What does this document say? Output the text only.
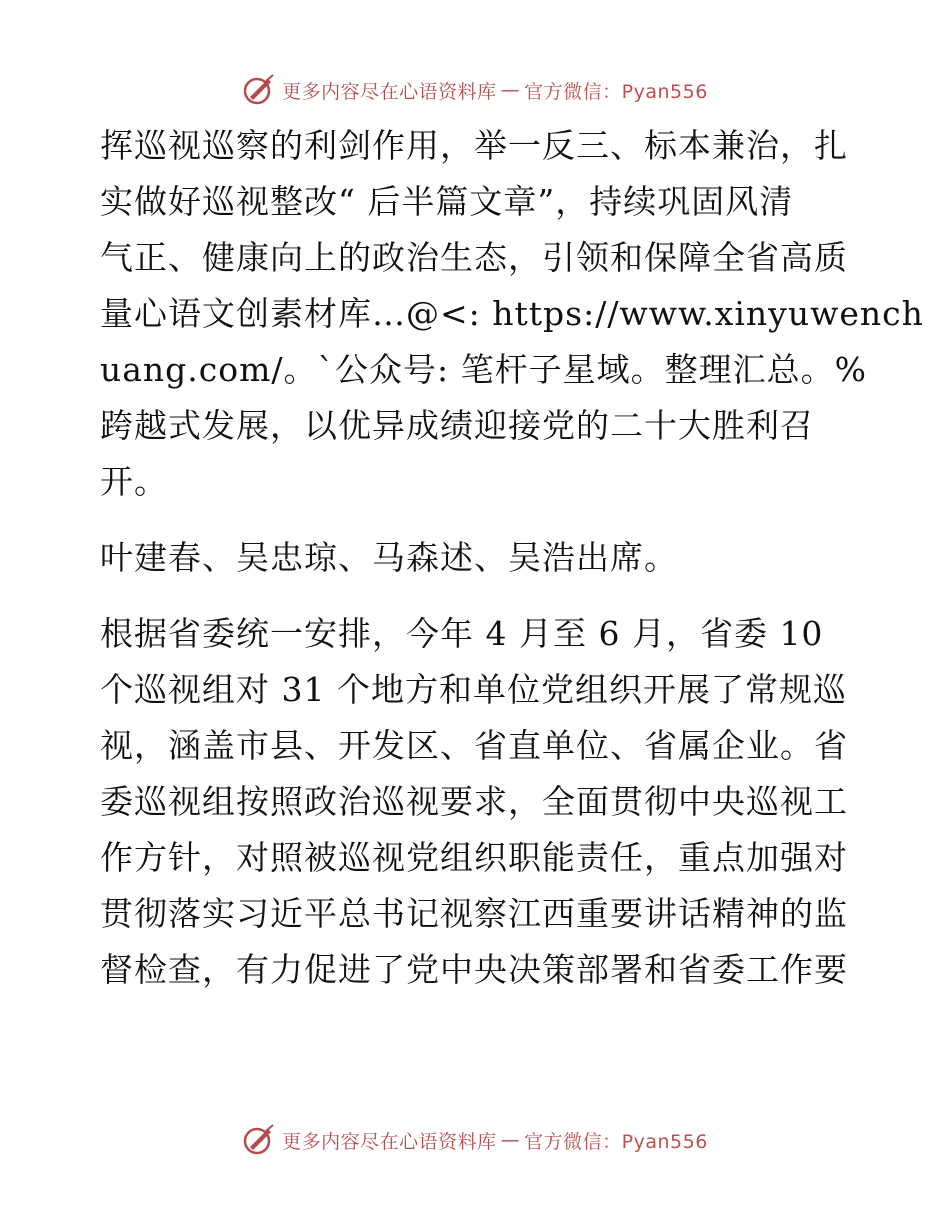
更多内容尽在心语资料库 — 官方微信：Pyan556
挥巡视巡察的利剑作用，举一反三、标本兼治，扎
实做好巡视整改“ 后半篇文章”，持续巩固风清
气正、健康向上的政治生态，引领和保障全省高质
量心语文创素材库…@<: https://www.xinyuwench
uang.com/。`公众号: 笔杆子星域。整理汇总。%
跨越式发展，以优异成绩迎接党的二十大胜利召
开。
叶建春、吴忠琼、马森述、吴浩出席。
根据省委统一安排，今年 4 月至 6 月，省委 10
个巡视组对 31 个地方和单位党组织开展了常规巡
视，涵盖市县、开发区、省直单位、省属企业。省
委巡视组按照政治巡视要求，全面贯彻中央巡视工
作方针，对照被巡视党组织职能责任，重点加强对
贯彻落实习近平总书记视察江西重要讲话精神的监
督检查，有力促进了党中央决策部署和省委工作要
更多内容尽在心语资料库 — 官方微信：Pyan556
